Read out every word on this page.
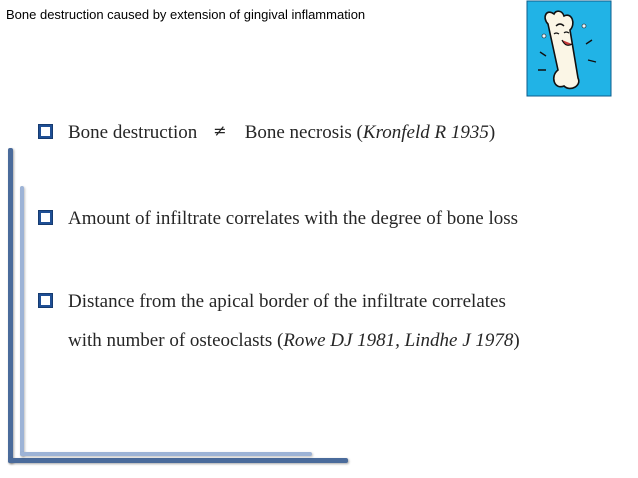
Bone destruction caused by extension of gingival inflammation
Bone destruction ≠ Bone necrosis (Kronfeld R 1935)
Amount of infiltrate correlates with the degree of bone loss
Distance from the apical border of the infiltrate correlates
with number of osteoclasts (Rowe DJ 1981, Lindhe J 1978)
